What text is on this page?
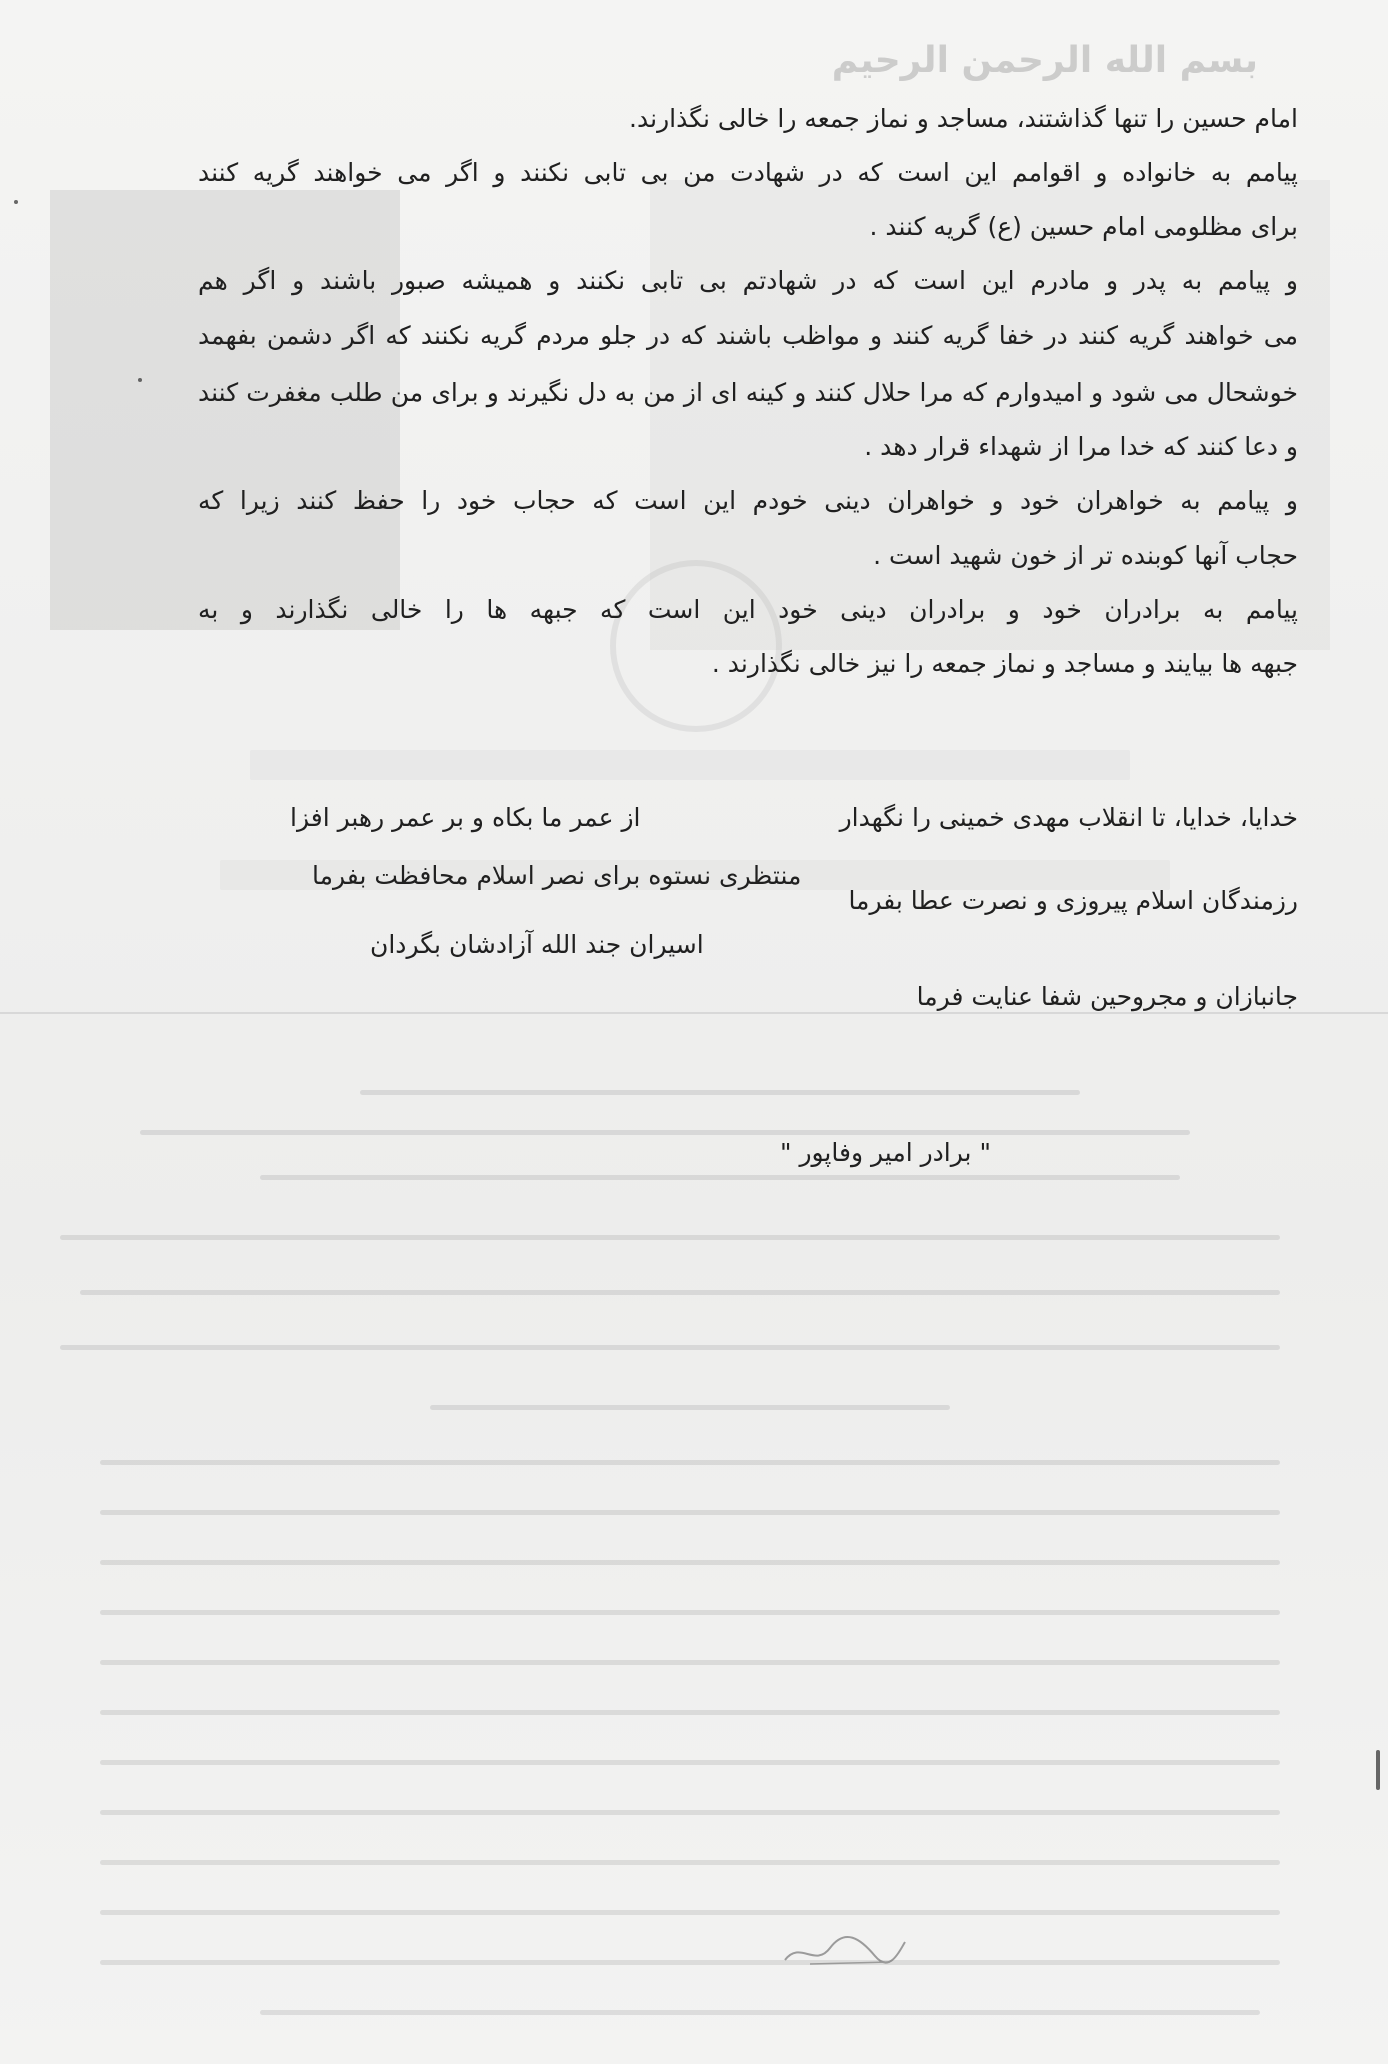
بسم الله الرحمن الرحیم
امام حسین را تنها گذاشتند، مساجد و نماز جمعه را خالی نگذارند.
پیامم به خانواده و اقوامم این است که در شهادت من بی تابی نکنند و اگر می خواهند گریه کنند
برای مظلومی امام حسین (ع) گریه کنند .
و پیامم به پدر و مادرم این است که در شهادتم بی تابی نکنند و همیشه صبور باشند و اگر هم
می خواهند گریه کنند در خفا گریه کنند و مواظب باشند که در جلو مردم گریه نکنند که اگر دشمن بفهمد
خوشحال می شود و امیدوارم که مرا حلال کنند و کینه ای از من به دل نگیرند و برای من طلب مغفرت کنند
و دعا کنند که خدا مرا از شهداء قرار دهد .
و پیامم به خواهران خود و خواهران دینی خودم این است که حجاب خود را حفظ کنند زیرا که
حجاب آنها کوبنده تر از خون شهید است .
پیامم به برادران خود و برادران دینی خود این است که جبهه ها را خالی نگذارند و به
جبهه ها بیایند و مساجد و نماز جمعه را نیز خالی نگذارند .
خدایا، خدایا، تا انقلاب مهدی خمینی را نگهدار
از عمر ما بکاه و بر عمر رهبر افزا
منتظری نستوه برای نصر اسلام محافظت بفرما
رزمندگان اسلام پیروزی و نصرت عطا بفرما
اسیران جند الله آزادشان بگردان
جانبازان و مجروحین شفا عنایت فرما
" برادر امیر وفاپور "
